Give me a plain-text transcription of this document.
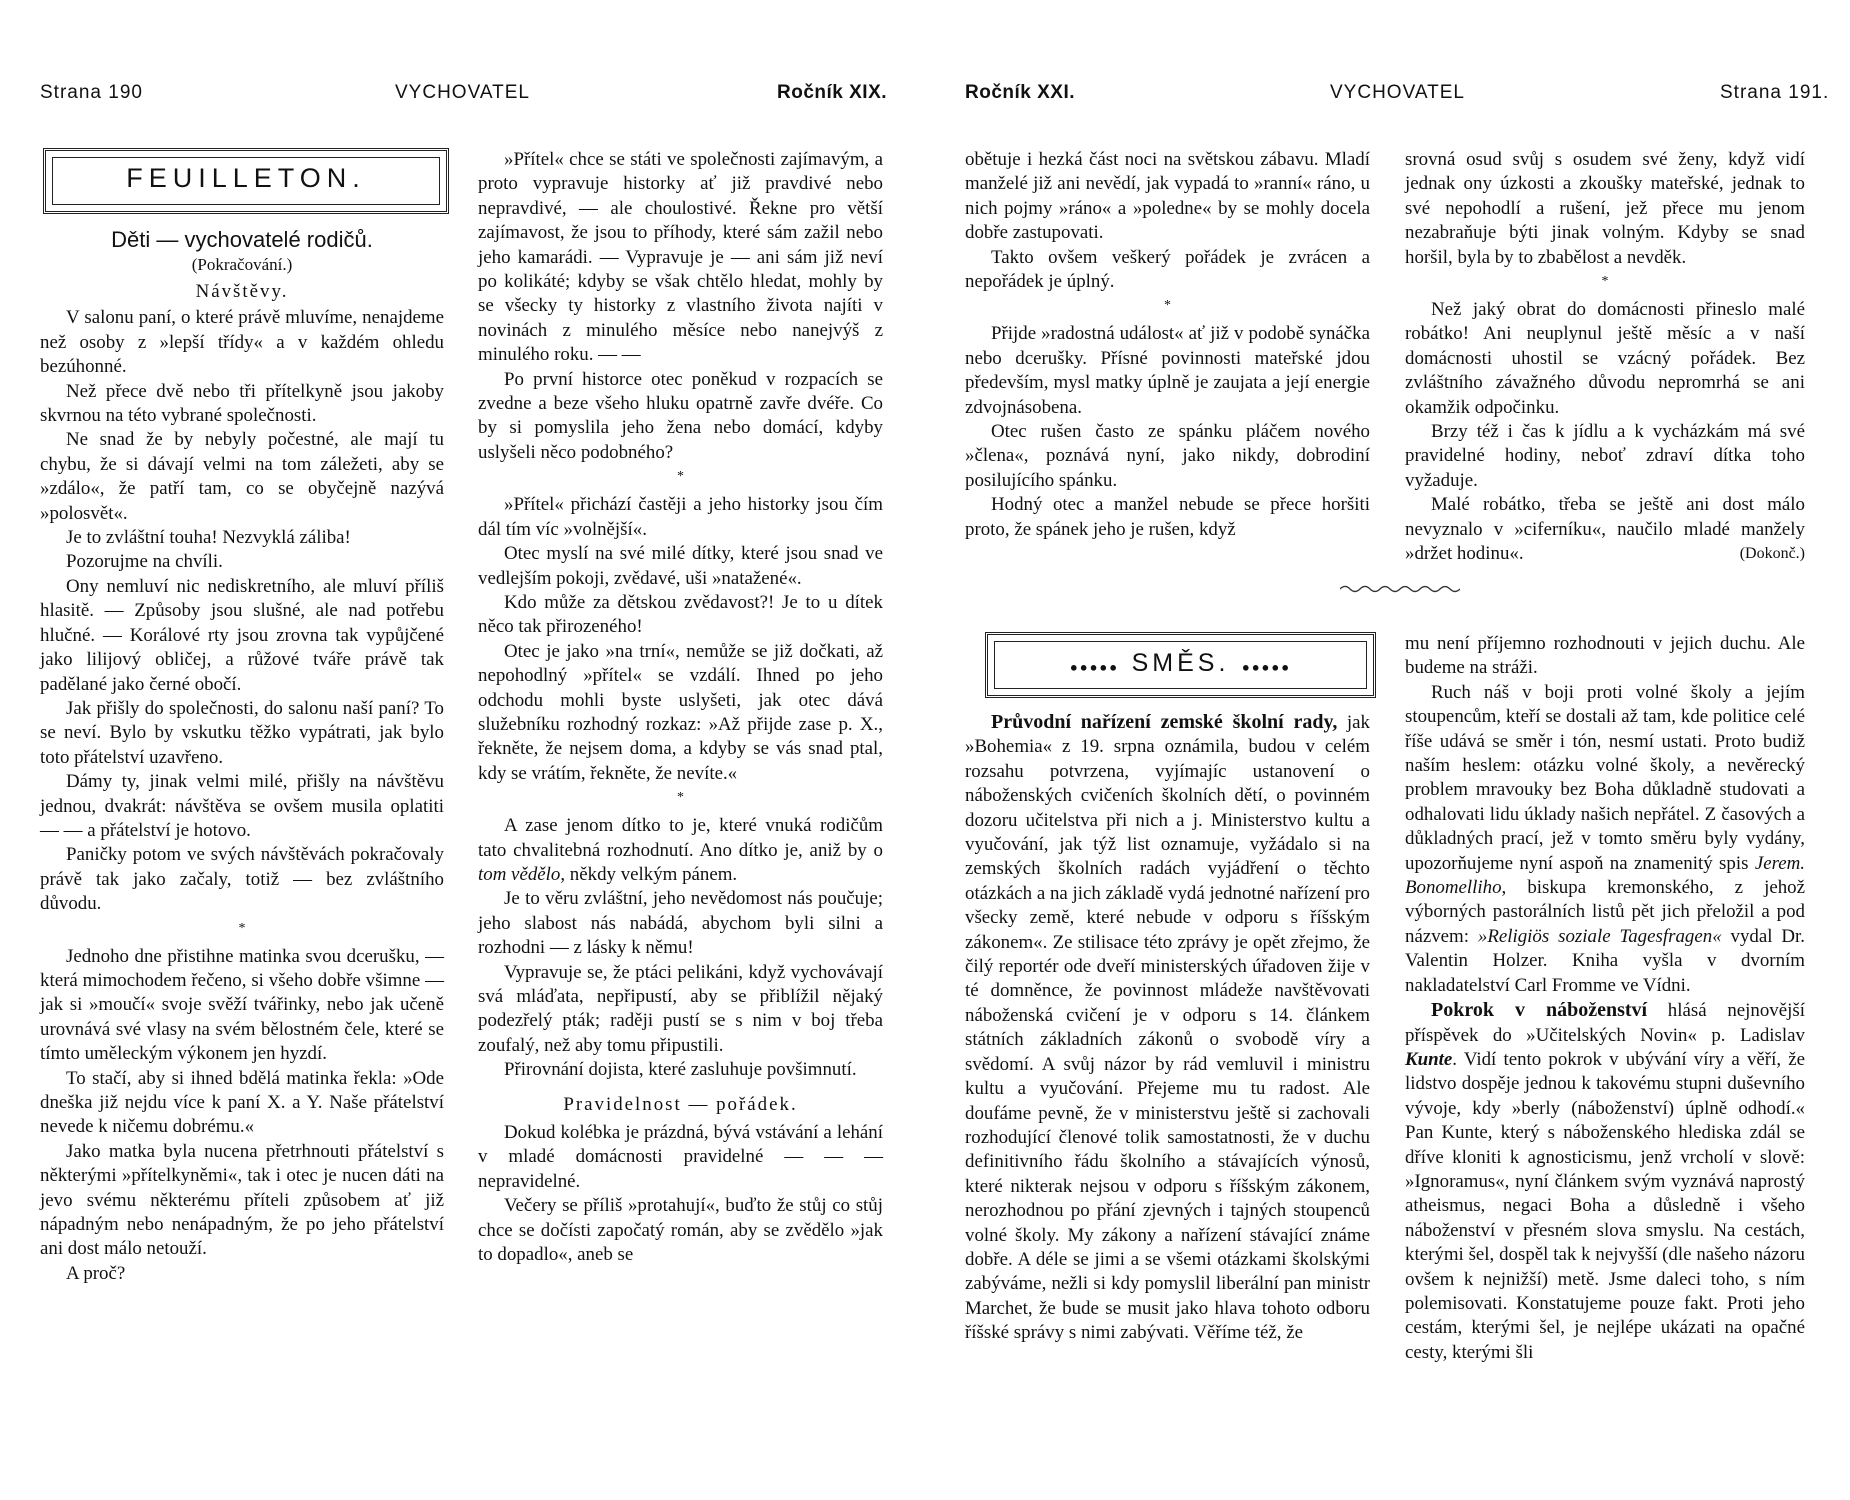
Strana 190	VYCHOVATEL	Ročník XIX.	Ročník XXI.	VYCHOVATEL	Strana 191.
FEUILLETON.
Děti — vychovatelé rodičů.
(Pokračování.)
Návštěvy.

V salonu paní, o které právě mluvíme, nenajdeme než osoby z »lepší třídy« a v každém ohledu bezúhonné.

Než přece dvě nebo tři přítelkyně jsou jakoby skvrnou na této vybrané společnosti.

Ne snad že by nebyly počestné, ale mají tu chybu, že si dávají velmi na tom záležeti, aby se »zdálo«, že patří tam, co se obyčejně nazývá »polosvět«.

Je to zvláštní touha! Nezvyklá záliba!

Pozorujme na chvíli.

Ony nemluví nic nediskretního, ale mluví příliš hlasitě. — Způsoby jsou slušné, ale nad potřebu hlučné. — Korálové rty jsou zrovna tak vypůjčené jako lilijový obličej, a růžové tváře právě tak padělané jako černé obočí.

Jak přišly do společnosti, do salonu naší paní? To se neví. Bylo by vskutku těžko vypátrati, jak bylo toto přátelství uzavřeno.

Dámy ty, jinak velmi milé, přišly na návštěvu jednou, dvakrát: návštěva se ovšem musila oplatiti — — a přátelství je hotovo.

Paničky potom ve svých návštěvách pokračovaly právě tak jako začaly, totiž — bez zvláštního důvodu.

*

Jednoho dne přistihne matinka svou dcerušku, — která mimochodem řečeno, si všeho dobře všimne — jak si »moučí« svoje svěží tvářinky, nebo jak učeně urovnává své vlasy na svém bělostném čele, které se tímto uměleckým výkonem jen hyzdí.

To stačí, aby si ihned bdělá matinka řekla: »Ode dneška již nejdu více k paní X. a Y. Naše přátelství nevede k ničemu dobrému.«

Jako matka byla nucena přetrhnouti přátelství s některými »přítelkyněmi«, tak i otec je nucen dáti na jevo svému některému příteli způsobem ať již nápadným nebo nenápadným, že po jeho přátelství ani dost málo netouží.

A proč?

»Přítel« chce se státi ve společnosti zajímavým, a proto vypravuje historky ať již pravdivé nebo nepravdivé, — ale choulostivé. Řekne pro větší zajímavost, že jsou to příhody, které sám zažil nebo jeho kamarádi. — Vypravuje je — ani sám již neví po kolikáté; kdyby se však chtělo hledat, mohly by se všecky ty historky z vlastního života najíti v novinách z minulého měsíce nebo nanejvýš z minulého roku. — —

Po první historce otec poněkud v rozpacích se zvedne a beze všeho hluku opatrně zavře dvéře. Co by si pomyslila jeho žena nebo domácí, kdyby uslyšeli něco podobného?

*

»Přítel« přichází častěji a jeho historky jsou čím dál tím víc »volnější«.

Otec myslí na své milé dítky, které jsou snad ve vedlejším pokoji, zvědavé, uši »natažené«.

Kdo může za dětskou zvědavost?! Je to u dítek něco tak přirozeného!

Otec je jako »na trní«, nemůže se již dočkati, až nepohodlný »přítel« se vzdálí. Ihned po jeho odchodu mohli byste uslyšeti, jak otec dává služebníku rozhodný rozkaz: »Až přijde zase p. X., řekněte, že nejsem doma, a kdyby se vás snad ptal, kdy se vrátím, řekněte, že nevíte.«

*

A zase jenom dítko to je, které vnuká rodičům tato chvalitebná rozhodnutí. Ano dítko je, aniž by o tom vědělo, někdy velkým pánem.

Je to věru zvláštní, jeho nevědomost nás poučuje; jeho slabost nás nabádá, abychom byli silni a rozhodni — z lásky k němu!

Vypravuje se, že ptáci pelikáni, když vychovávají svá mláďata, nepřipustí, aby se přiblížil nějaký podezřelý pták; raději pustí se s nim v boj třeba zoufalý, než aby tomu připustili.

Přirovnání dojista, které zasluhuje povšimnutí.

Pravidelnost — pořádek.

Dokud kolébka je prázdná, bývá vstávání a lehání v mladé domácnosti pravidelné — — — nepravidelné.

Večery se příliš »protahují«, buďto že stůj co stůj chce se dočísti započatý román, aby se zvědělo »jak to dopadlo«, aneb se

obětuje i hezká část noci na světskou zábavu. Mladí manželé již ani nevědí, jak vypadá to »ranní« ráno, u nich pojmy »ráno« a »poledne« by se mohly docela dobře zastupovati.

Takto ovšem veškerý pořádek je zvrácen a nepořádek je úplný.

*

Přijde »radostná událost« ať již v podobě synáčka nebo dcerušky. Přísné povinnosti mateřské jdou především, mysl matky úplně je zaujata a její energie zdvojnásobena.

Otec rušen často ze spánku pláčem nového »člena«, poznává nyní, jako nikdy, dobrodiní posilujícího spánku.

Hodný otec a manžel nebude se přece horšiti proto, že spánek jeho je rušen, když

srovná osud svůj s osudem své ženy, když vidí jednak ony úzkosti a zkoušky mateřské, jednak to své nepohodlí a rušení, jež přece mu jenom nezabraňuje býti jinak volným. Kdyby se snad horšil, byla by to zbabělost a nevděk.

*

Než jaký obrat do domácnosti přineslo malé robátko! Ani neuplynul ještě měsíc a v naší domácnosti uhostil se vzácný pořádek. Bez zvláštního závažného důvodu nepromrhá se ani okamžik odpočinku.

Brzy též i čas k jídlu a k vycházkám má své pravidelné hodiny, neboť zdraví dítka toho vyžaduje.

Malé robátko, třeba se ještě ani dost málo nevyznalo v »ciferníku«, naučilo mladé manžely »držet hodinu«.	(Dokonč.)

●●●●● SMĚS. ●●●●●

Průvodní nařízení zemské školní rady, jak »Bohemia« z 19. srpna oznámila, budou v celém rozsahu potvrzena, vyjímajíc ustanovení o náboženských cvičeních školních dětí, o povinném dozoru učitelstva při nich a j. Ministerstvo kultu a vyučování, jak týž list oznamuje, vyžádalo si na zemských školních radách vyjádření o těchto otázkách a na jich základě vydá jednotné nařízení pro všecky země, které nebude v odporu s říšským zákonem«. Ze stilisace této zprávy je opět zřejmo, že čilý reportér ode dveří ministerských úřadoven žije v té domněnce, že povinnost mládeže navštěvovati náboženská cvičení je v odporu s 14. článkem státních základních zákonů o svobodě víry a svědomí. A svůj názor by rád vemluvil i ministru kultu a vyučování. Přejeme mu tu radost. Ale doufáme pevně, že v ministerstvu ještě si zachovali rozhodující členové tolik samostatnosti, že v duchu definitivního řádu školního a stávajících výnosů, které nikterak nejsou v odporu s říšským zákonem, nerozhodnou po přání zjevných i tajných stoupenců volné školy. My zákony a nařízení stávající známe dobře. A déle se jimi a se všemi otázkami školskými zabýváme, nežli si kdy pomyslil liberální pan ministr Marchet, že bude se musit jako hlava tohoto odboru říšské správy s nimi zabývati. Věříme též, že

mu není příjemno rozhodnouti v jejich duchu. Ale budeme na stráži.

Ruch náš v boji proti volné školy a jejím stoupencům, kteří se dostali až tam, kde politice celé říše udává se směr i tón, nesmí ustati. Proto budiž naším heslem: otázku volné školy, a nevěrecký problem mravouky bez Boha důkladně studovati a odhalovati lidu úklady našich nepřátel. Z časových a důkladných prací, jež v tomto směru byly vydány, upozorňujeme nyní aspoň na znamenitý spis Jerem. Bonomelliho, biskupa kremonského, z jehož výborných pastorálních listů pět jich přeložil a pod názvem: »Religiös soziale Tagesfragen« vydal Dr. Valentin Holzer. Kniha vyšla v dvorním nakladatelství Carl Fromme ve Vídni.

Pokrok v náboženství hlásá nejnovější příspěvek do »Učitelských Novin« p. Ladislav Kunte. Vidí tento pokrok v ubývání víry a věří, že lidstvo dospěje jednou k takovému stupni duševního vývoje, kdy »berly (náboženství) úplně odhodí.« Pan Kunte, který s náboženského hlediska zdál se dříve kloniti k agnosticismu, jenž vrcholí v slově: »Ignoramus«, nyní článkem svým vyznává naprostý atheismus, negaci Boha a důsledně i všeho náboženství v přesném slova smyslu. Na cestách, kterými šel, dospěl tak k nejvyšší (dle našeho názoru ovšem k nejnižší) metě. Jsme daleci toho, s ním polemisovati. Konstatujeme pouze fakt. Proti jeho cestám, kterými šel, je nejlépe ukázati na opačné cesty, kterými šli
